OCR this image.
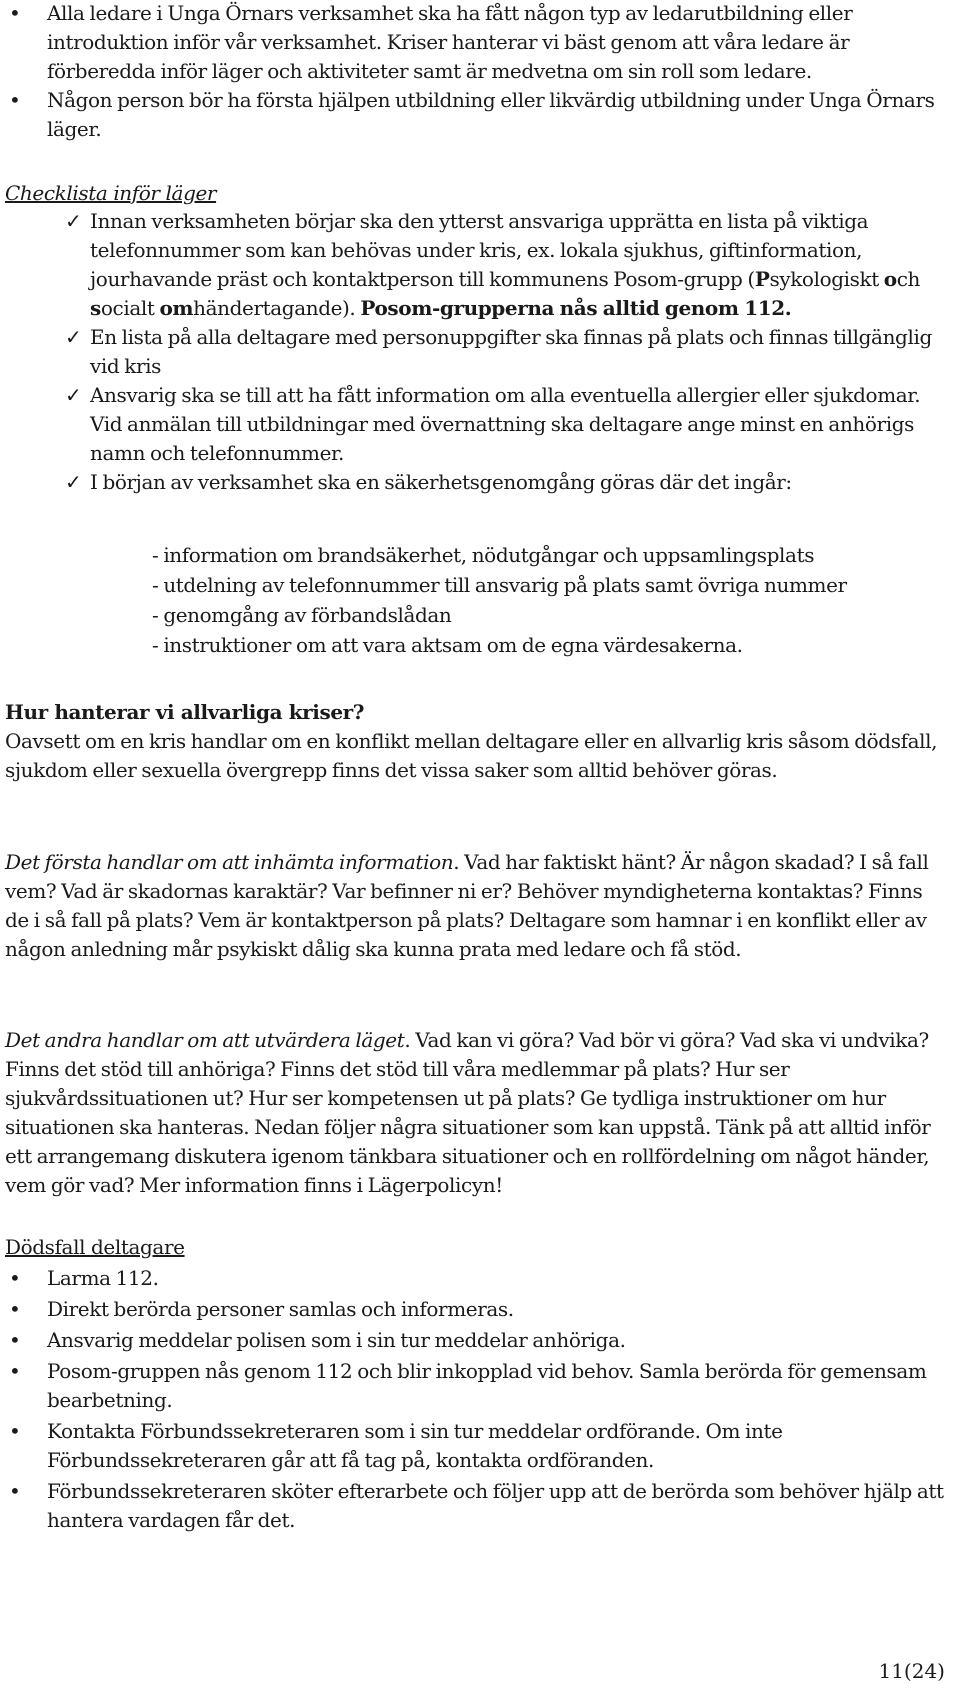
• Alla ledare i Unga Örnars verksamhet ska ha fått någon typ av ledarutbildning eller introduktion inför vår verksamhet. Kriser hanterar vi bäst genom att våra ledare är förberedda inför läger och aktiviteter samt är medvetna om sin roll som ledare.
• Någon person bör ha första hjälpen utbildning eller likvärdig utbildning under Unga Örnars läger.

Checklista inför läger

✓ Innan verksamheten börjar ska den ytterst ansvariga upprätta en lista på viktiga telefonnummer som kan behövas under kris, ex. lokala sjukhus, giftinformation, jourhavande präst och kontaktperson till kommunens Posom-grupp (Psykologiskt och socialt omhändertagande). Posom-grupperna nås alltid genom 112.
✓ En lista på alla deltagare med personuppgifter ska finnas på plats och finnas tillgänglig vid kris
✓ Ansvarig ska se till att ha fått information om alla eventuella allergier eller sjukdomar. Vid anmälan till utbildningar med övernattning ska deltagare ange minst en anhörigs namn och telefonnummer.
✓ I början av verksamhet ska en säkerhetsgenomgång göras där det ingår:
- information om brandsäkerhet, nödutgångar och uppsamlingsplats
- utdelning av telefonnummer till ansvarig på plats samt övriga nummer
- genomgång av förbandslådan
- instruktioner om att vara aktsam om de egna värdesakerna.

Hur hanterar vi allvarliga kriser?

Oavsett om en kris handlar om en konflikt mellan deltagare eller en allvarlig kris såsom dödsfall, sjukdom eller sexuella övergrepp finns det vissa saker som alltid behöver göras.

Det första handlar om att inhämta information. Vad har faktiskt hänt? Är någon skadad? I så fall vem? Vad är skadornas karaktär? Var befinner ni er? Behöver myndigheterna kontaktas? Finns de i så fall på plats? Vem är kontaktperson på plats? Deltagare som hamnar i en konflikt eller av någon anledning mår psykiskt dålig ska kunna prata med ledare och få stöd.

Det andra handlar om att utvärdera läget. Vad kan vi göra? Vad bör vi göra? Vad ska vi undvika? Finns det stöd till anhöriga? Finns det stöd till våra medlemmar på plats? Hur ser sjukvårdssituationen ut? Hur ser kompetensen ut på plats? Ge tydliga instruktioner om hur situationen ska hanteras. Nedan följer några situationer som kan uppstå. Tänk på att alltid inför ett arrangemang diskutera igenom tänkbara situationer och en rollfördelning om något händer, vem gör vad? Mer information finns i Lägerpolicyn!

Dödsfall deltagare

• Larma 112.
• Direkt berörda personer samlas och informeras.
• Ansvarig meddelar polisen som i sin tur meddelar anhöriga.
• Posom-gruppen nås genom 112 och blir inkopplad vid behov. Samla berörda för gemensam bearbetning.
• Kontakta Förbundssekreteraren som i sin tur meddelar ordförande. Om inte Förbundssekreteraren går att få tag på, kontakta ordföranden.
• Förbundssekreteraren sköter efterarbete och följer upp att de berörda som behöver hjälp att hantera vardagen får det.
11(24)
